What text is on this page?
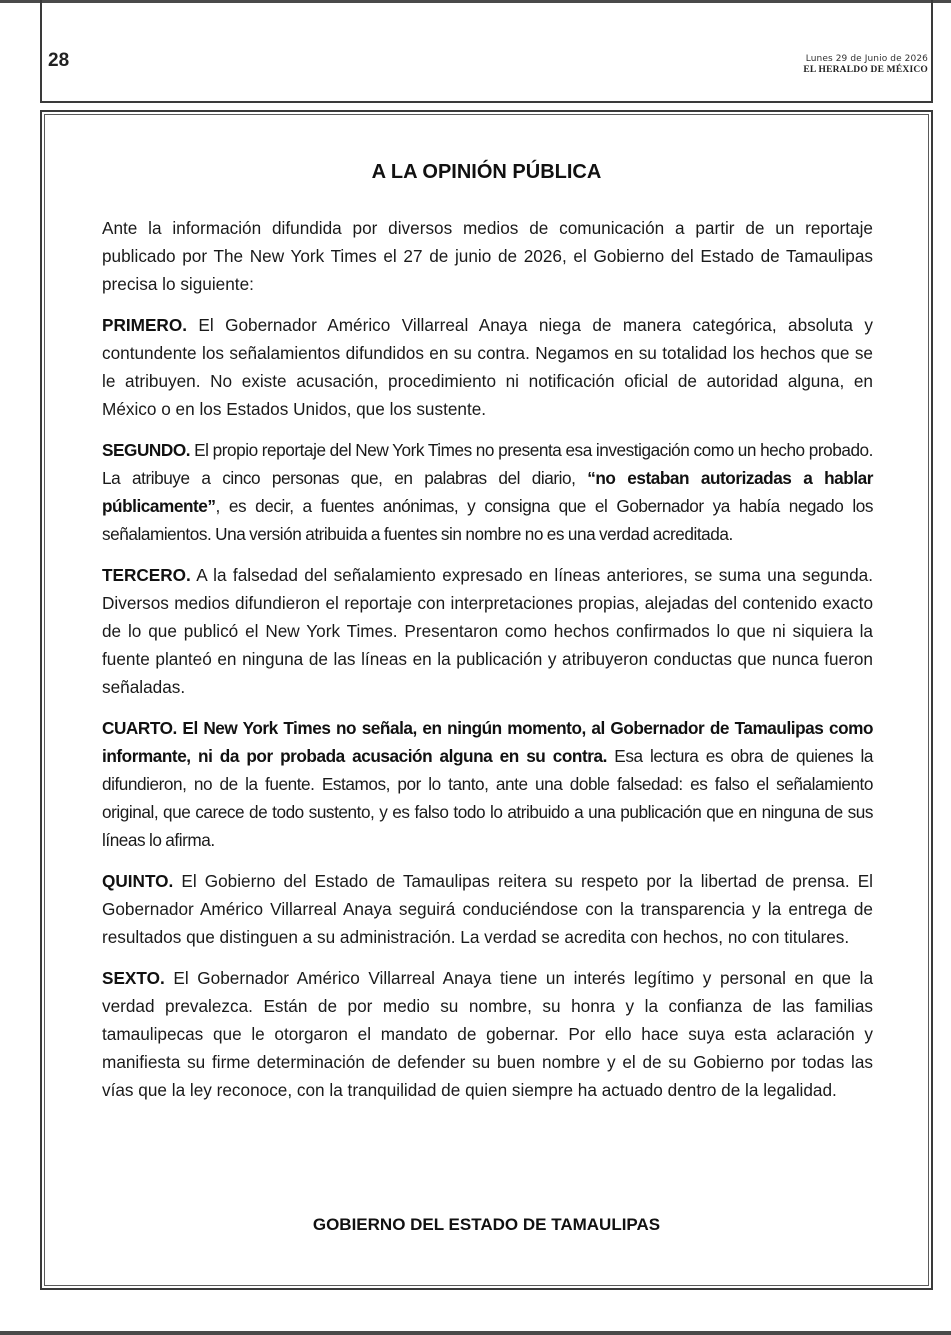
28	Lunes 29 de Junio de 2026
EL HERALDO DE MÉXICO
A LA OPINIÓN PÚBLICA

Ante la información difundida por diversos medios de comunicación a partir de un reportaje publicado por The New York Times el 27 de junio de 2026, el Gobierno del Estado de Tamaulipas precisa lo siguiente:

PRIMERO. El Gobernador Américo Villarreal Anaya niega de manera categórica, absoluta y contundente los señalamientos difundidos en su contra. Negamos en su totalidad los hechos que se le atribuyen. No existe acusación, procedimiento ni notificación oficial de autoridad alguna, en México o en los Estados Unidos, que los sustente.

SEGUNDO. El propio reportaje del New York Times no presenta esa investigación como un hecho probado. La atribuye a cinco personas que, en palabras del diario, “no estaban autorizadas a hablar públicamente”, es decir, a fuentes anónimas, y consigna que el Gobernador ya había negado los señalamientos. Una versión atribuida a fuentes sin nombre no es una verdad acreditada.

TERCERO. A la falsedad del señalamiento expresado en líneas anteriores, se suma una segunda. Diversos medios difundieron el reportaje con interpretaciones propias, alejadas del contenido exacto de lo que publicó el New York Times. Presentaron como hechos confirmados lo que ni siquiera la fuente planteó en ninguna de las líneas en la publicación y atribuyeron conductas que nunca fueron señaladas.

CUARTO. El New York Times no señala, en ningún momento, al Gobernador de Tamaulipas como informante, ni da por probada acusación alguna en su contra. Esa lectura es obra de quienes la difundieron, no de la fuente. Estamos, por lo tanto, ante una doble falsedad: es falso el señalamiento original, que carece de todo sustento, y es falso todo lo atribuido a una publicación que en ninguna de sus líneas lo afirma.

QUINTO. El Gobierno del Estado de Tamaulipas reitera su respeto por la libertad de prensa. El Gobernador Américo Villarreal Anaya seguirá conduciéndose con la transparencia y la entrega de resultados que distinguen a su administración. La verdad se acredita con hechos, no con titulares.

SEXTO. El Gobernador Américo Villarreal Anaya tiene un interés legítimo y personal en que la verdad prevalezca. Están de por medio su nombre, su honra y la confianza de las familias tamaulipecas que le otorgaron el mandato de gobernar. Por ello hace suya esta aclaración y manifiesta su firme determinación de defender su buen nombre y el de su Gobierno por todas las vías que la ley reconoce, con la tranquilidad de quien siempre ha actuado dentro de la legalidad.

GOBIERNO DEL ESTADO DE TAMAULIPAS
